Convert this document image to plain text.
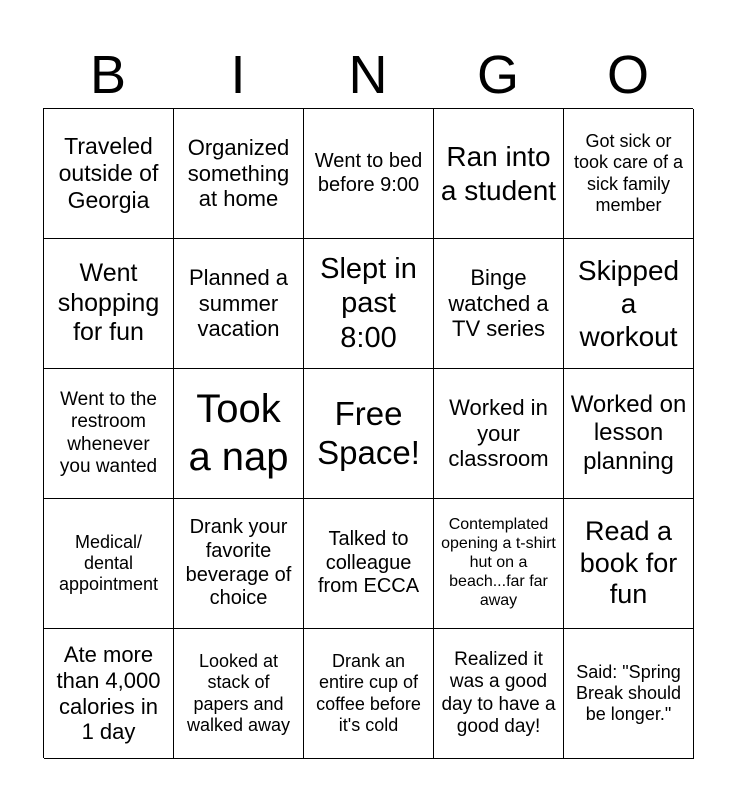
B	I	N	G	O
Traveled outside of Georgia
Organized something at home
Went to bed before 9:00
Ran into a student
Got sick or took care of a sick family member
Went shopping for fun
Planned a summer vacation
Slept in past 8:00
Binge watched a TV series
Skipped a workout
Went to the restroom whenever you wanted
Took a nap
Free Space!
Worked in your classroom
Worked on lesson planning
Medical/ dental appointment
Drank your favorite beverage of choice
Talked to colleague from ECCA
Contemplated opening a t-shirt hut on a beach...far far away
Read a book for fun
Ate more than 4,000 calories in 1 day
Looked at stack of papers and walked away
Drank an entire cup of coffee before it's cold
Realized it was a good day to have a good day!
Said: "Spring Break should be longer."
